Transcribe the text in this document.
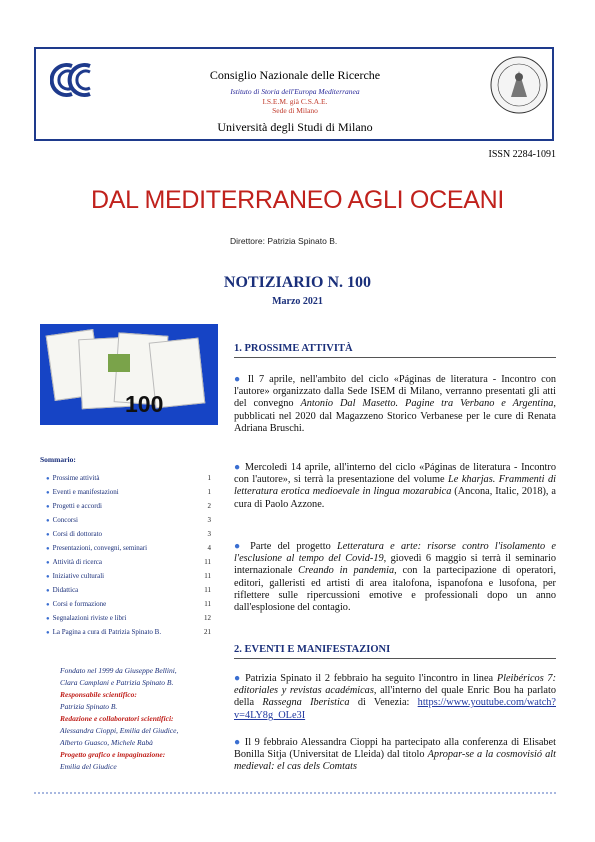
Consiglio Nazionale delle Ricerche
Istituto di Storia dell'Europa Mediterranea
I.S.E.M. già C.S.A.E.
Sede di Milano
Università degli Studi di Milano
ISSN 2284-1091
DAL MEDITERRANEO AGLI OCEANI
Direttore: Patrizia Spinato B.
NOTIZIARIO N. 100
Marzo 2021
100
Sommario:
● Prossime attività	1
● Eventi e manifestazioni	1
● Progetti e accordi	2
● Concorsi	3
● Corsi di dottorato	3
● Presentazioni, convegni, seminari	4
● Attività di ricerca	11
● Iniziative culturali	11
● Didattica	11
● Corsi e formazione	11
● Segnalazioni riviste e libri	12
● La Pagina a cura di Patrizia Spinato B.	21
Fondato nel 1999 da Giuseppe Bellini,
Clara Camplani e Patrizia Spinato B.
Responsabile scientifico:
Patrizia Spinato B.
Redazione e collaboratori scientifici:
Alessandra Cioppi, Emilia del Giudice,
Alberto Guasco, Michele Rabà
Progetto grafico e impaginazione:
Emilia del Giudice
1. PROSSIME ATTIVITÀ
● Il 7 aprile, nell'ambito del ciclo «Páginas de literatura - Incontro con l'autore» organizzato dalla Sede ISEM di Milano, verranno presentati gli atti del convegno Antonio Dal Masetto. Pagine tra Verbano e Argentina, pubblicati nel 2020 dal Magazzeno Storico Verbanese per le cure di Renata Adriana Bruschi.
● Mercoledì 14 aprile, all'interno del ciclo «Páginas de literatura - Incontro con l'autore», si terrà la presentazione del volume Le kharjas. Frammenti di letteratura erotica medioevale in lingua mozarabica (Ancona, Italic, 2018), a cura di Paolo Azzone.
● Parte del progetto Letteratura e arte: risorse contro l'isolamento e l'esclusione al tempo del Covid-19, giovedì 6 maggio si terrà il seminario internazionale Creando in pandemia, con la partecipazione di operatori, editori, galleristi ed artisti di area italofona, ispanofona e lusofona, per riflettere sulle ripercussioni emotive e professionali dopo un anno dall'esplosione del contagio.
2. EVENTI E MANIFESTAZIONI
● Patrizia Spinato il 2 febbraio ha seguito l'incontro in linea Pleibéricos 7: editoriales y revistas académicas, all'interno del quale Enric Bou ha parlato della Rassegna Iberistica di Venezia: https://www.youtube.com/watch?v=4LY8g_OLe3I
● Il 9 febbraio Alessandra Cioppi ha partecipato alla conferenza di Elisabet Bonilla Sitja (Universitat de Lleida) dal titolo Apropar-se a la cosmovisió alt medieval: el cas dels Comtats
